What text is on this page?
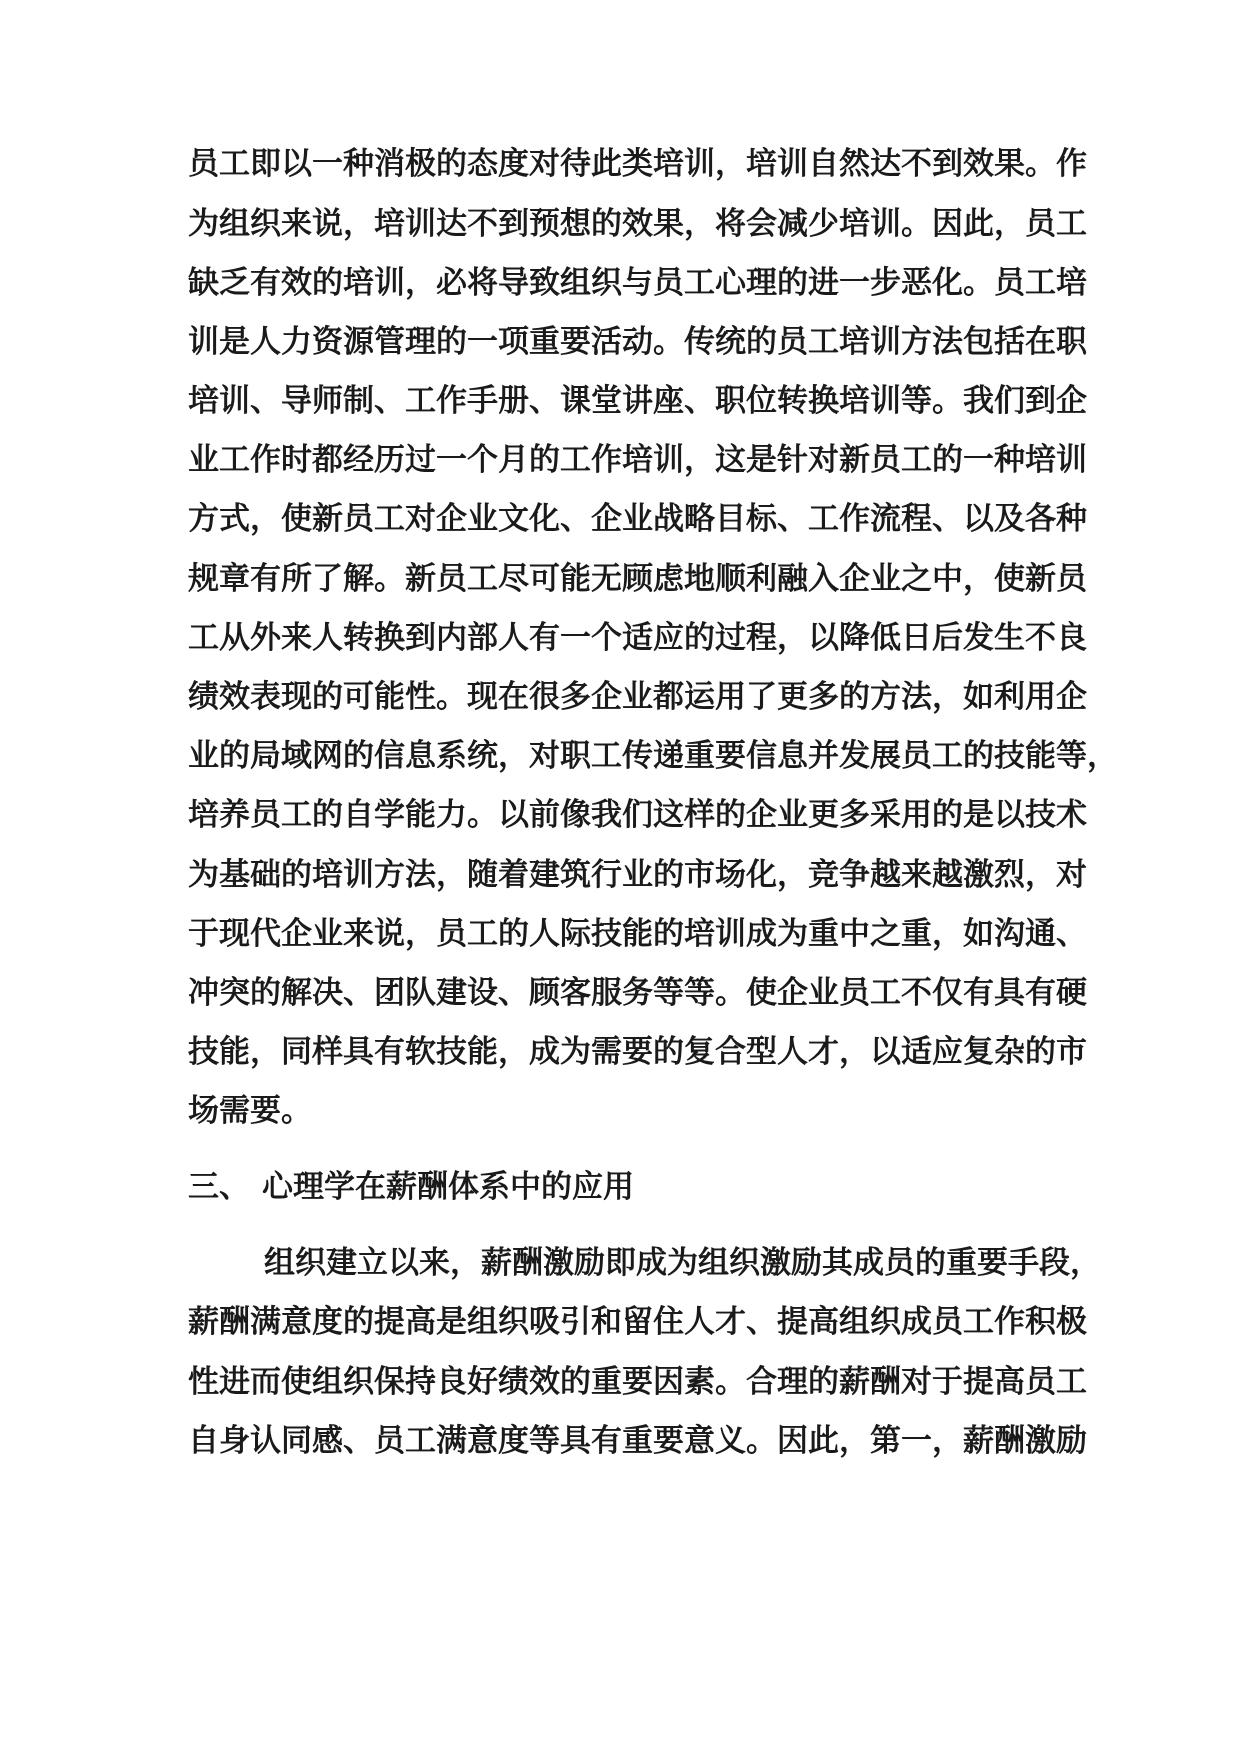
员工即以一种消极的态度对待此类培训，培训自然达不到效果。作
为组织来说，培训达不到预想的效果，将会减少培训。因此，员工
缺乏有效的培训，必将导致组织与员工心理的进一步恶化。员工培
训是人力资源管理的一项重要活动。传统的员工培训方法包括在职
培训、导师制、工作手册、课堂讲座、职位转换培训等。我们到企
业工作时都经历过一个月的工作培训，这是针对新员工的一种培训
方式，使新员工对企业文化、企业战略目标、工作流程、以及各种
规章有所了解。新员工尽可能无顾虑地顺利融入企业之中，使新员
工从外来人转换到内部人有一个适应的过程，以降低日后发生不良
绩效表现的可能性。现在很多企业都运用了更多的方法，如利用企
业的局域网的信息系统，对职工传递重要信息并发展员工的技能等，
培养员工的自学能力。以前像我们这样的企业更多采用的是以技术
为基础的培训方法，随着建筑行业的市场化，竞争越来越激烈，对
于现代企业来说，员工的人际技能的培训成为重中之重，如沟通、
冲突的解决、团队建设、顾客服务等等。使企业员工不仅有具有硬
技能，同样具有软技能，成为需要的复合型人才，以适应复杂的市
场需要。
三、 心理学在薪酬体系中的应用
组织建立以来，薪酬激励即成为组织激励其成员的重要手段，
薪酬满意度的提高是组织吸引和留住人才、提高组织成员工作积极
性进而使组织保持良好绩效的重要因素。合理的薪酬对于提高员工
自身认同感、员工满意度等具有重要意义。因此，第一，薪酬激励
